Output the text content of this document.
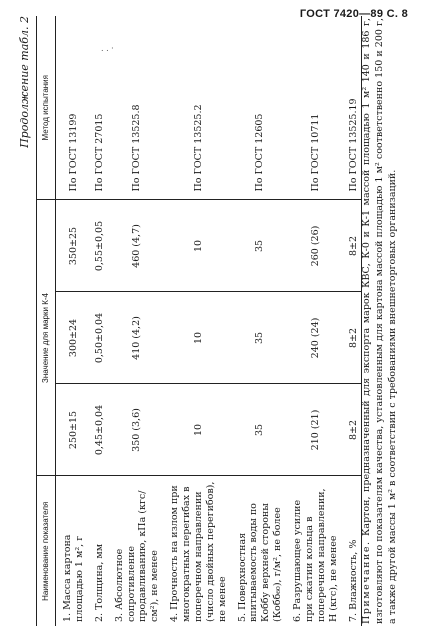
ГОСТ 7420—89 С. 8
. . ·
Продолжение табл. 2
Наименование показателя	Значение для марки К-4			Метод испытания
1. Масса картона площадью 1 м², г	250±15	300±24	350±25	По ГОСТ 13199
2. Толщина, мм	0,45±0,04	0,50±0,04	0,55±0,05	По ГОСТ 27015
3. Абсолютное сопротивление продавливанию, кПа (кгс/см²), не менее	350 (3,6)	410 (4,2)	460 (4,7)	По ГОСТ 13525.8
4. Прочность на излом при многократных перегибах в поперечном направлении (число двойных перегибов), не менее	10	10	10	По ГОСТ 13525.2
5. Поверхностная впитываемость воды по Коббу верхней стороны (Кобб₆₀), г/м², не более	35	35	35	По ГОСТ 12605
6. Разрушающее усилие при сжатии кольца в поперечном направлении, Н (кгс), не менее	210 (21)	240 (24)	260 (26)	По ГОСТ 10711
7. Влажность, %	8±2	8±2	8±2	По ГОСТ 13525.19
Примечание. Картон, предназначенный для экспорта марок КВС, К-0 и К-1 массой площадью 1 м² 140 и 186 г, изготовляют по показателям качества, установленным для картона массой площадью 1 м² соответственно 150 и 200 г, а также другой массы 1 м² в соответствии с требованиями внешнеторговых организаций.
